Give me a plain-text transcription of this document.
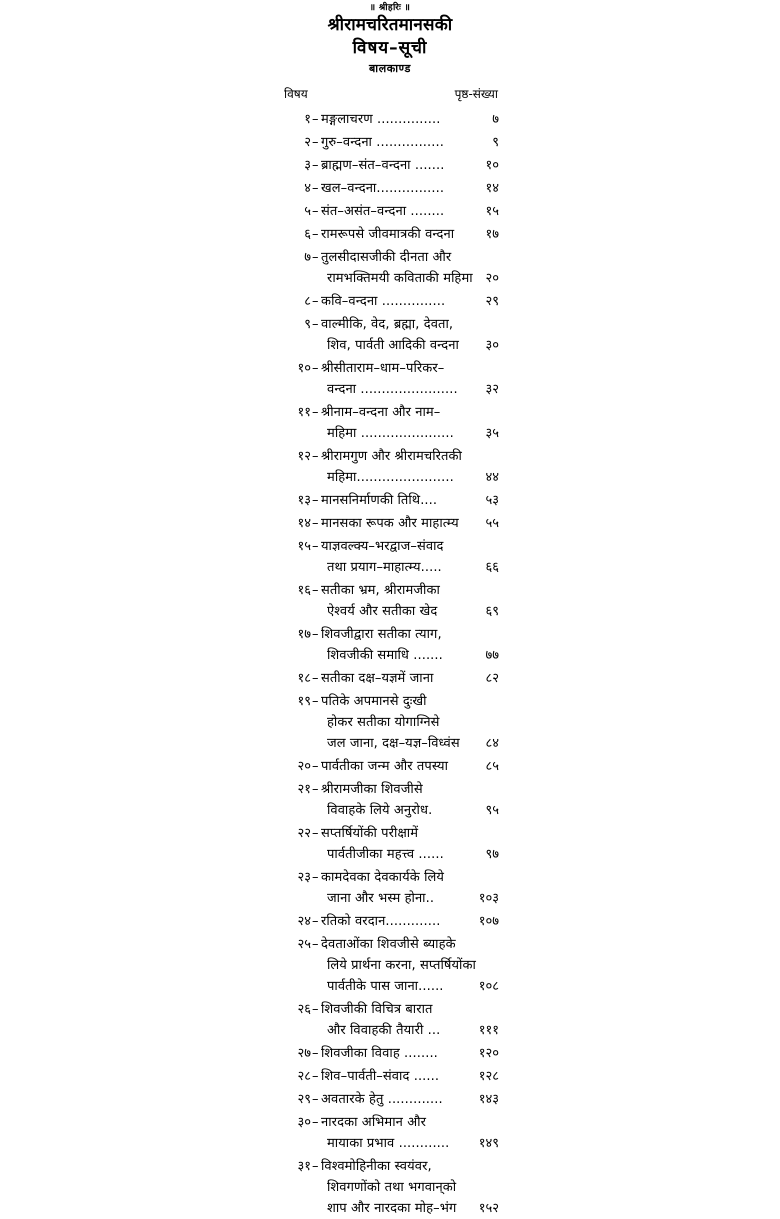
॥ श्रीहरिः ॥
श्रीरामचरितमानसकी
विषय–सूची
बालकाण्ड
विषय	पृष्ठ-संख्या
१ – मङ्गलाचरण ...............	७
२ – गुरु–वन्दना ................	९
३ – ब्राह्मण–संत–वन्दना .......	१०
४ – खल–वन्दना................	१४
५ – संत–असंत–वन्दना ........	१५
६ – रामरूपसे जीवमात्रकी वन्दना १७
७ – तुलसीदासजीकी दीनता और
रामभक्तिमयी कविताकी महिमा २०
८ – कवि–वन्दना ...............	२९
९ – वाल्मीकि, वेद, ब्रह्मा, देवता,
शिव, पार्वती आदिकी वन्दना ३०
१० – श्रीसीताराम–धाम–परिकर–
वन्दना ....................... ३२
११ – श्रीनाम–वन्दना और नाम–
महिमा ...................... ३५
१२ – श्रीरामगुण और श्रीरामचरितकी
महिमा....................... ४४
१३ – मानसनिर्माणकी तिथि....	५३
१४ – मानसका रूपक और माहात्म्य ५५
१५ – याज्ञवल्क्य–भरद्वाज–संवाद
तथा प्रयाग–माहात्म्य.....	६६
१६ – सतीका भ्रम, श्रीरामजीका
ऐश्वर्य और सतीका खेद	६९
१७ – शिवजीद्वारा सतीका त्याग,
शिवजीकी समाधि .......	७७
१८ – सतीका दक्ष–यज्ञमें जाना	८२
१९ – पतिके अपमानसे दुःखी
होकर सतीका योगाग्निसे
जल जाना, दक्ष–यज्ञ–विध्वंस ८४
२० – पार्वतीका जन्म और तपस्या	८५
२१ – श्रीरामजीका शिवजीसे
विवाहके लिये अनुरोध.	९५
२२ – सप्तर्षियोंकी परीक्षामें
पार्वतीजीका महत्त्व ......	९७
२३ – कामदेवका देवकार्यके लिये
जाना और भस्म होना..	१०३
२४ – रतिको वरदान.............	१०७
२५ – देवताओंका शिवजीसे ब्याहके
लिये प्रार्थना करना, सप्तर्षियोंका
पार्वतीके पास जाना......	१०८
२६ – शिवजीकी विचित्र बारात
और विवाहकी तैयारी ...	१११
२७ – शिवजीका विवाह ........	१२०
२८ – शिव–पार्वती–संवाद ......	१२८
२९ – अवतारके हेतु .............	१४३
३० – नारदका अभिमान और
मायाका प्रभाव ............ १४९
३१ – विश्वमोहिनीका स्वयंवर,
शिवगणोंको तथा भगवान्‌को
शाप और नारदका मोह–भंग १५२
